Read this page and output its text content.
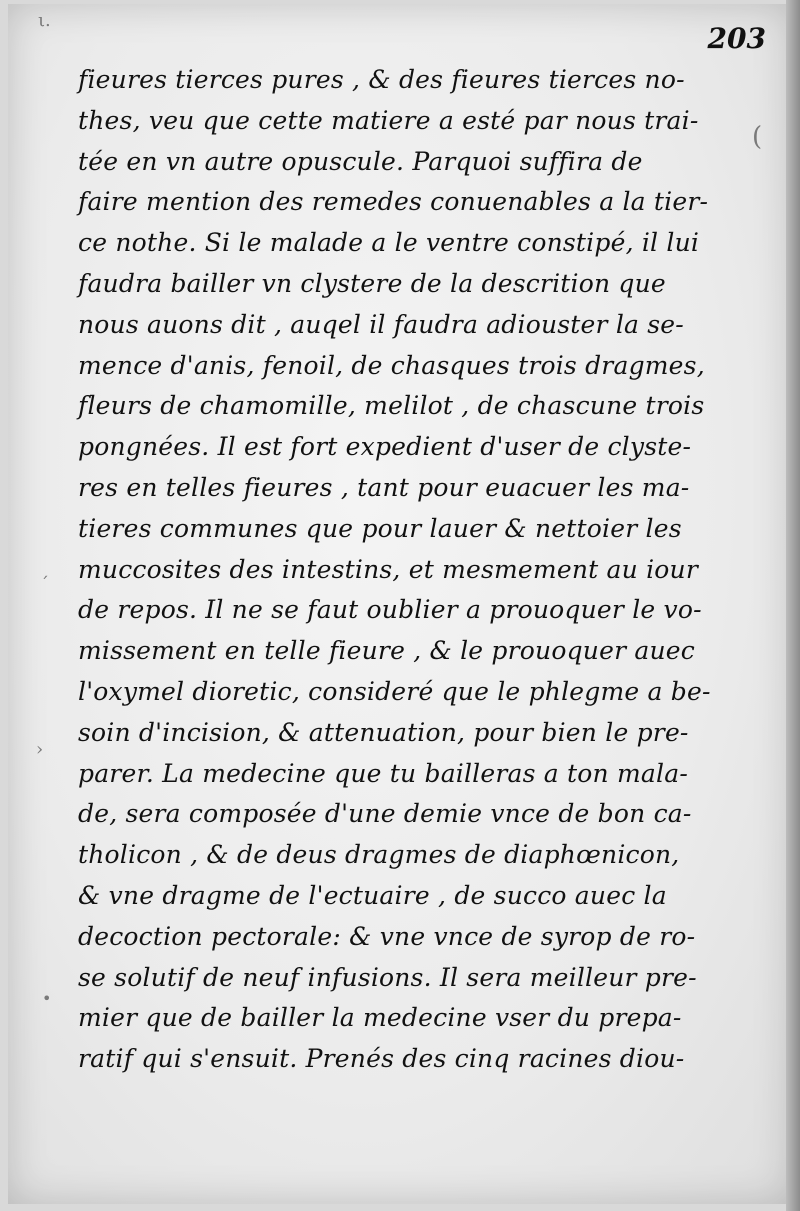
ι.
(
´
›
•
203
fieures tierces pures , & des fieures tierces no-
thes, veu que cette matiere a esté par nous trai-
tée en vn autre opuscule. Parquoi suffira de
faire mention des remedes conuenables a la tier-
ce nothe. Si le malade a le ventre constipé, il lui
faudra bailler vn clystere de la descrition que
nous auons dit , auqel il faudra adiouster la se-
mence d'anis, fenoil, de chasques trois dragmes,
fleurs de chamomille, melilot , de chascune trois
pongnées. Il est fort expedient d'user de clyste-
res en telles fieures , tant pour euacuer les ma-
tieres communes que pour lauer & nettoier les
muccosites des intestins, et mesmement au iour
de repos. Il ne se faut oublier a prouoquer le vo-
missement en telle fieure , & le prouoquer auec
l'oxymel dioretic, consideré que le phlegme a be-
soin d'incision, & attenuation, pour bien le pre-
parer. La medecine que tu bailleras a ton mala-
de, sera composée d'une demie vnce de bon ca-
tholicon , & de deus dragmes de diaphœnicon,
& vne dragme de l'ectuaire , de succo auec la
decoction pectorale: & vne vnce de syrop de ro-
se solutif de neuf infusions. Il sera meilleur pre-
mier que de bailler la medecine vser du prepa-
ratif qui s'ensuit. Prenés des cinq racines diou-
